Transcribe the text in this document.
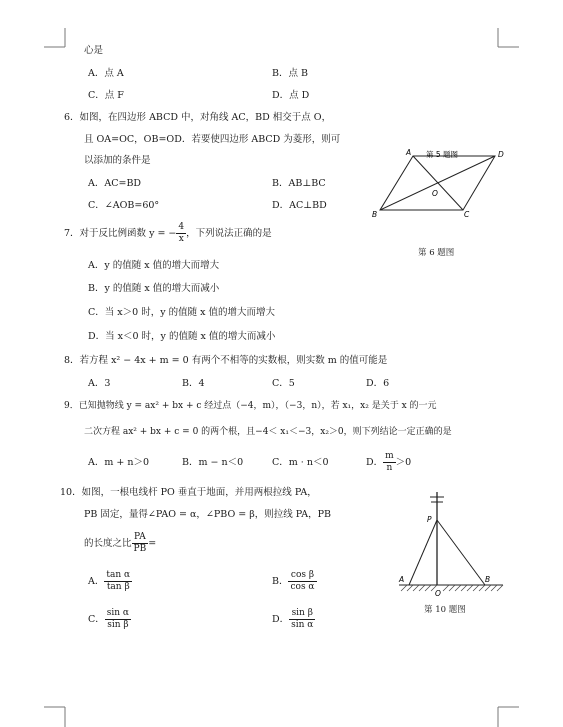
心是
A．点 A	B．点 B
C．点 F	D．点 D
6．如图，在四边形 ABCD 中，对角线 AC，BD 相交于点 O，
且 OA=OC，OB=OD．若要使四边形 ABCD 为菱形，则可
以添加的条件是
A．AC=BD	B．AB⊥BC
C．∠AOB=60°	D．AC⊥BD
A	D
B	C
O
第 5 题图
第 6 题图
7．对于反比例函数 y = − $\frac{4}{x}$ ，下列说法正确的是
A．y 的值随 x 值的增大而增大
B．y 的值随 x 值的增大而减小
C．当 x＞0 时，y 的值随 x 值的增大而增大
D．当 x＜0 时，y 的值随 x 值的增大而减小
8．若方程 x² − 4x + m = 0 有两个不相等的实数根，则实数 m 的值可能是
A．3	B．4	C．5	D．6
9．已知抛物线 y = ax² + bx + c 经过点（−4，m），（−3，n），若 x₁，x₂ 是关于 x 的一元
二次方程 ax² + bx + c = 0 的两个根，且−4＜ x₁＜−3，x₂＞0，则下列结论一定正确的是
A．m + n＞0	B．m − n＜0	C．m · n＜0	D． $\frac{m}{n} >0$
10．如图，一根电线杆 PO 垂直于地面，并用两根拉线 PA，
PB 固定，量得∠PAO = α，∠PBO = β，则拉线 PA，PB
的长度之比 $\frac{PA}{PB}$ =
A． $\frac{\text{tan α}}{\text{tan β}}$	B． $\frac{\text{cos β}}{\text{cos α}}$
C． $\frac{\text{sin α}}{\text{sin β}}$	D． $\frac{\text{sin β}}{\text{sin α}}$
P
A
O
B
第 10 题图
